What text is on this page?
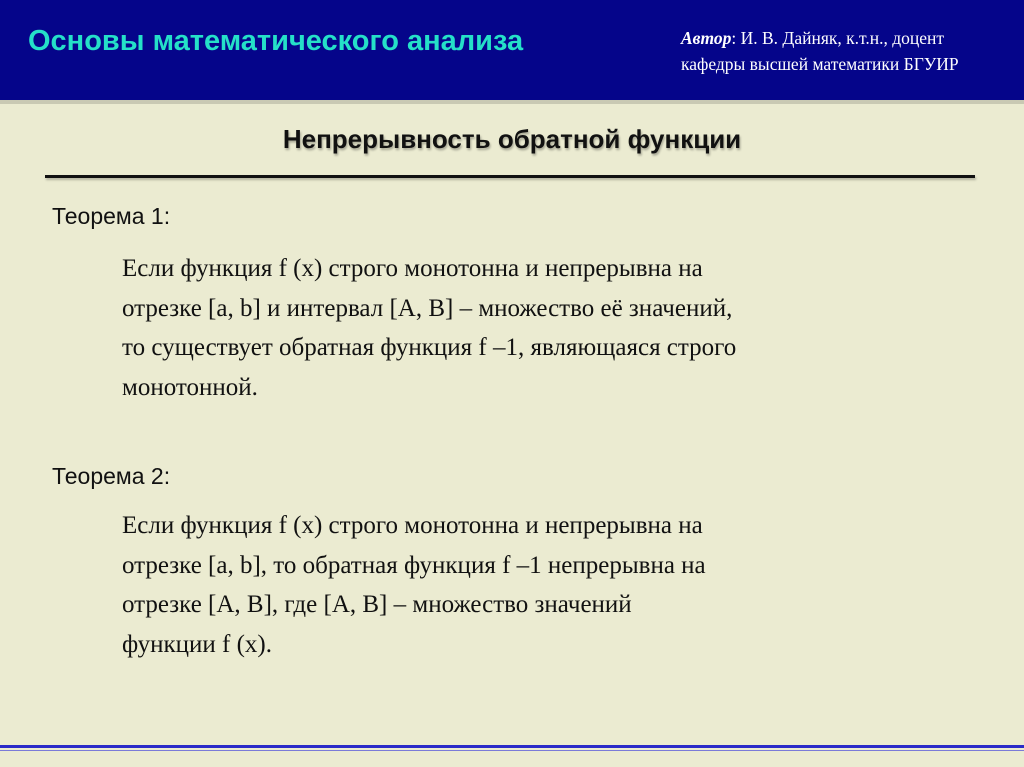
Основы математического анализа	Автор: И. В. Дайняк, к.т.н., доцент
кафедры высшей математики БГУИР
Непрерывность обратной функции
Теорема 1:
Если функция f (x) строго монотонна и непрерывна на
отрезке [a, b] и интервал [A, B] – множество её значений,
то существует обратная функция f –1, являющаяся строго
монотонной.
Теорема 2:
Если функция f (x) строго монотонна и непрерывна на
отрезке [a, b], то обратная функция f –1 непрерывна на
отрезке [A, B], где [A, B] – множество значений
функции f (x).
